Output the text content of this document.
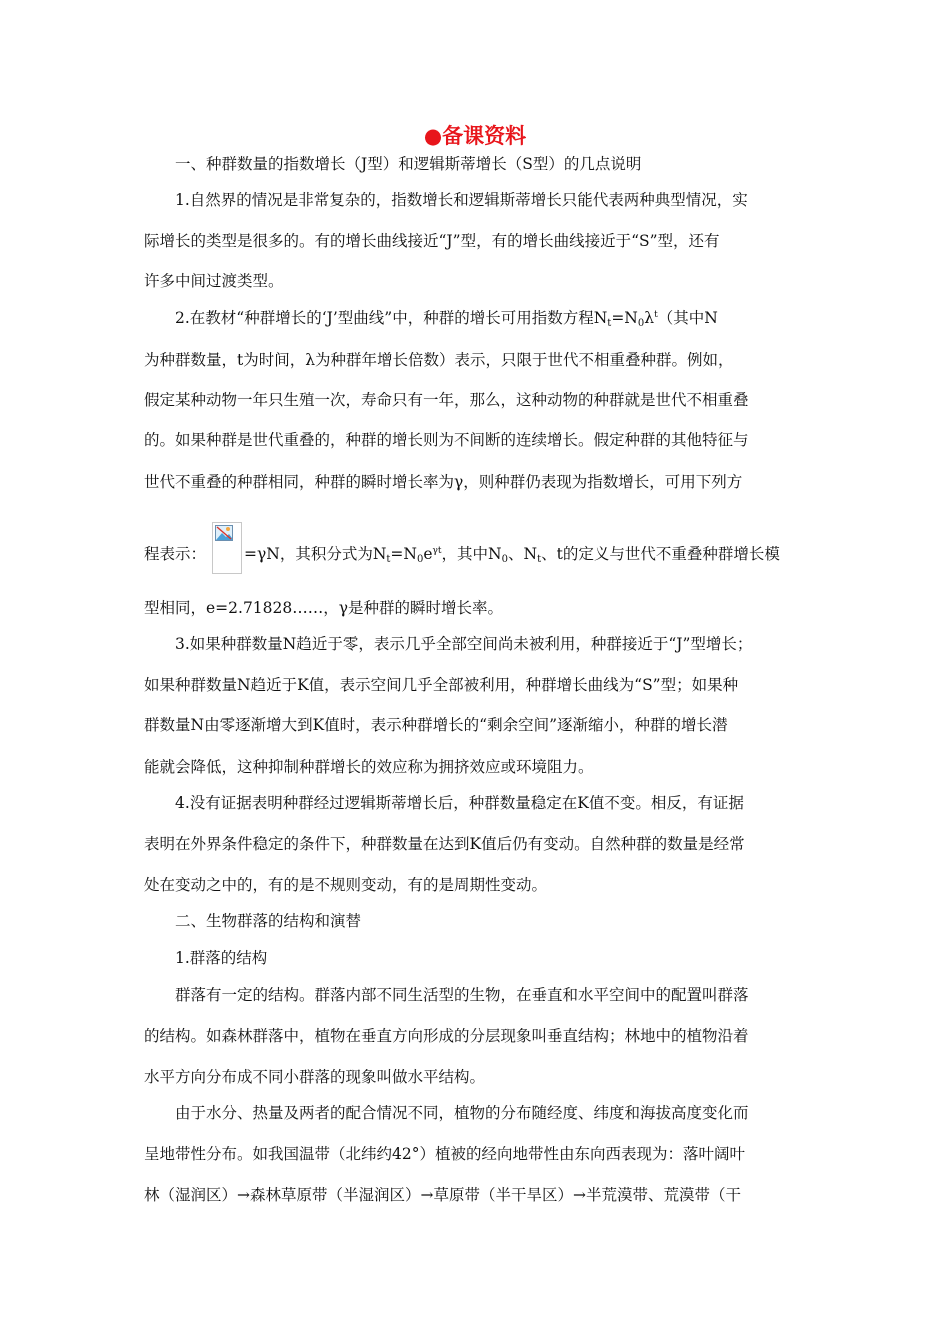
●备课资料
一、种群数量的指数增长（J型）和逻辑斯蒂增长（S型）的几点说明
1.自然界的情况是非常复杂的，指数增长和逻辑斯蒂增长只能代表两种典型情况，实
际增长的类型是很多的。有的增长曲线接近“J”型，有的增长曲线接近于“S”型，还有
许多中间过渡类型。
2.在教材“种群增长的‘J’型曲线”中，种群的增长可用指数方程$N_t=N_0\lambda^t$（其中N
为种群数量，t为时间，λ为种群年增长倍数）表示，只限于世代不相重叠种群。例如，
假定某种动物一年只生殖一次，寿命只有一年，那么，这种动物的种群就是世代不相重叠
的。如果种群是世代重叠的，种群的增长则为不间断的连续增长。假定种群的其他特征与
世代不重叠的种群相同，种群的瞬时增长率为γ，则种群仍表现为指数增长，可用下列方
程表示： =γN，其积分式为$N_t=N_0e^{\gamma t}$，其中$N_0$、$N_t$、t的定义与世代不重叠种群增长模
型相同，e=2.71828……，γ是种群的瞬时增长率。
3.如果种群数量N趋近于零，表示几乎全部空间尚未被利用，种群接近于“J”型增长；
如果种群数量N趋近于K值，表示空间几乎全部被利用，种群增长曲线为“S”型；如果种
群数量N由零逐渐增大到K值时，表示种群增长的“剩余空间”逐渐缩小，种群的增长潜
能就会降低，这种抑制种群增长的效应称为拥挤效应或环境阻力。
4.没有证据表明种群经过逻辑斯蒂增长后，种群数量稳定在K值不变。相反，有证据
表明在外界条件稳定的条件下，种群数量在达到K值后仍有变动。自然种群的数量是经常
处在变动之中的，有的是不规则变动，有的是周期性变动。
二、生物群落的结构和演替
1.群落的结构
群落有一定的结构。群落内部不同生活型的生物，在垂直和水平空间中的配置叫群落
的结构。如森林群落中，植物在垂直方向形成的分层现象叫垂直结构；林地中的植物沿着
水平方向分布成不同小群落的现象叫做水平结构。
由于水分、热量及两者的配合情况不同，植物的分布随经度、纬度和海拔高度变化而
呈地带性分布。如我国温带（北纬约42°）植被的经向地带性由东向西表现为：落叶阔叶
林（湿润区）→森林草原带（半湿润区）→草原带（半干旱区）→半荒漠带、荒漠带（干
